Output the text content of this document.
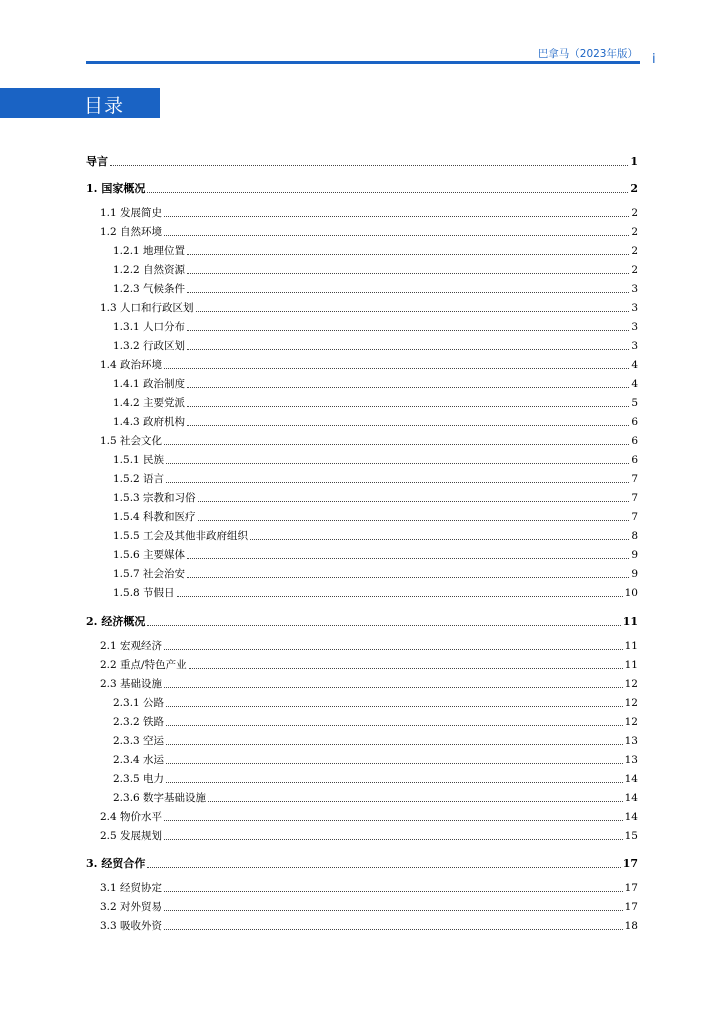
巴拿马（2023年版） i
目录
导言	1
1. 国家概况	2
1.1 发展简史	2
1.2 自然环境	2
1.2.1 地理位置	2
1.2.2 自然资源	2
1.2.3 气候条件	3
1.3 人口和行政区划	3
1.3.1 人口分布	3
1.3.2 行政区划	3
1.4 政治环境	4
1.4.1 政治制度	4
1.4.2 主要党派	5
1.4.3 政府机构	6
1.5 社会文化	6
1.5.1 民族	6
1.5.2 语言	7
1.5.3 宗教和习俗	7
1.5.4 科教和医疗	7
1.5.5 工会及其他非政府组织	8
1.5.6 主要媒体	9
1.5.7 社会治安	9
1.5.8 节假日	10
2. 经济概况	11
2.1 宏观经济	11
2.2 重点/特色产业	11
2.3 基础设施	12
2.3.1 公路	12
2.3.2 铁路	12
2.3.3 空运	13
2.3.4 水运	13
2.3.5 电力	14
2.3.6 数字基础设施	14
2.4 物价水平	14
2.5 发展规划	15
3. 经贸合作	17
3.1 经贸协定	17
3.2 对外贸易	17
3.3 吸收外资	18
